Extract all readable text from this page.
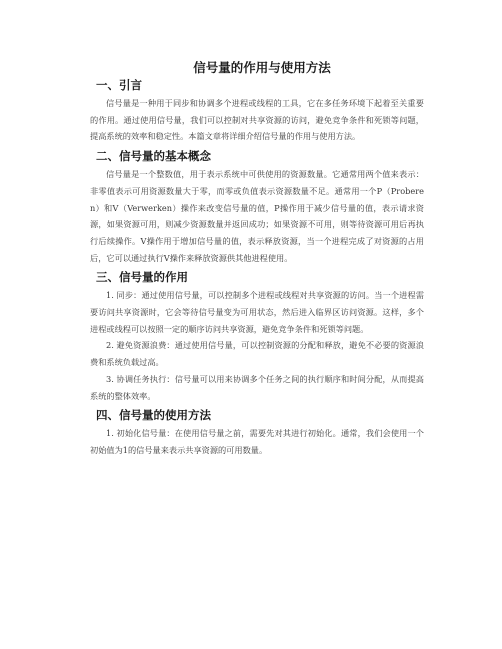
信号量的作用与使用方法
一、引言

信号量是一种用于同步和协调多个进程或线程的工具，它在多任务环境下起着至关重要的作用。通过使用信号量，我们可以控制对共享资源的访问，避免竞争条件和死锁等问题，提高系统的效率和稳定性。本篇文章将详细介绍信号量的作用与使用方法。

二、信号量的基本概念

信号量是一个整数值，用于表示系统中可供使用的资源数量。它通常用两个值来表示：非零值表示可用资源数量大于零，而零或负值表示资源数量不足。通常用一个P（Proberen）和V（Verwerken）操作来改变信号量的值，P操作用于减少信号量的值，表示请求资源，如果资源可用，则减少资源数量并返回成功；如果资源不可用，则等待资源可用后再执行后续操作。V操作用于增加信号量的值，表示释放资源，当一个进程完成了对资源的占用后，它可以通过执行V操作来释放资源供其他进程使用。

三、信号量的作用

1. 同步：通过使用信号量，可以控制多个进程或线程对共享资源的访问。当一个进程需要访问共享资源时，它会等待信号量变为可用状态，然后进入临界区访问资源。这样，多个进程或线程可以按照一定的顺序访问共享资源，避免竞争条件和死锁等问题。

2. 避免资源浪费：通过使用信号量，可以控制资源的分配和释放，避免不必要的资源浪费和系统负载过高。

3. 协调任务执行：信号量可以用来协调多个任务之间的执行顺序和时间分配，从而提高系统的整体效率。

四、信号量的使用方法

1. 初始化信号量：在使用信号量之前，需要先对其进行初始化。通常，我们会使用一个初始值为1的信号量来表示共享资源的可用数量。
